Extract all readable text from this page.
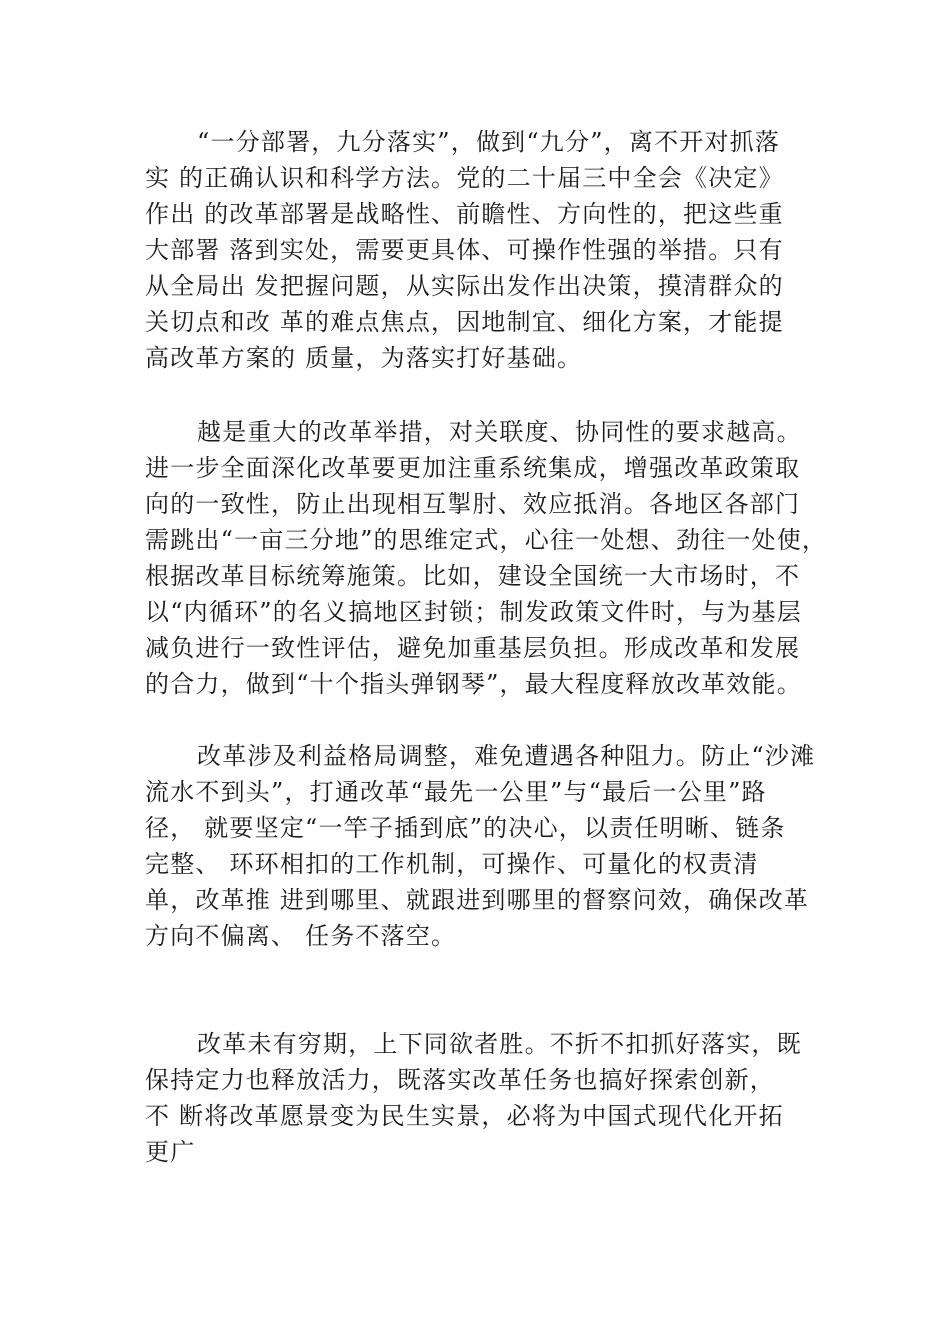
“一分部署，九分落实”，做到“九分”，离不开对抓落
实 的正确认识和科学方法。党的二十届三中全会《决定》
作出 的改革部署是战略性、前瞻性、方向性的，把这些重
大部署 落到实处，需要更具体、可操作性强的举措。只有
从全局出 发把握问题，从实际出发作出决策，摸清群众的
关切点和改 革的难点焦点，因地制宜、细化方案，才能提
高改革方案的 质量，为落实打好基础。
越是重大的改革举措，对关联度、协同性的要求越高。
进一步全面深化改革要更加注重系统集成，增强改革政策取
向的一致性，防止出现相互掣肘、效应抵消。各地区各部门
需跳出“一亩三分地”的思维定式，心往一处想、劲往一处使，
根据改革目标统筹施策。比如，建设全国统一大市场时，不
以“内循环”的名义搞地区封锁；制发政策文件时，与为基层
减负进行一致性评估，避免加重基层负担。形成改革和发展
的合力，做到“十个指头弹钢琴”，最大程度释放改革效能。
改革涉及利益格局调整，难免遭遇各种阻力。防止“沙滩
流水不到头”，打通改革“最先一公里”与“最后一公里”路
径， 就要坚定“一竿子插到底”的决心，以责任明晰、链条
完整、 环环相扣的工作机制，可操作、可量化的权责清
单，改革推 进到哪里、就跟进到哪里的督察问效，确保改革
方向不偏离、 任务不落空。
改革未有穷期，上下同欲者胜。不折不扣抓好落实，既
保持定力也释放活力，既落实改革任务也搞好探索创新，
不 断将改革愿景变为民生实景，必将为中国式现代化开拓
更广
